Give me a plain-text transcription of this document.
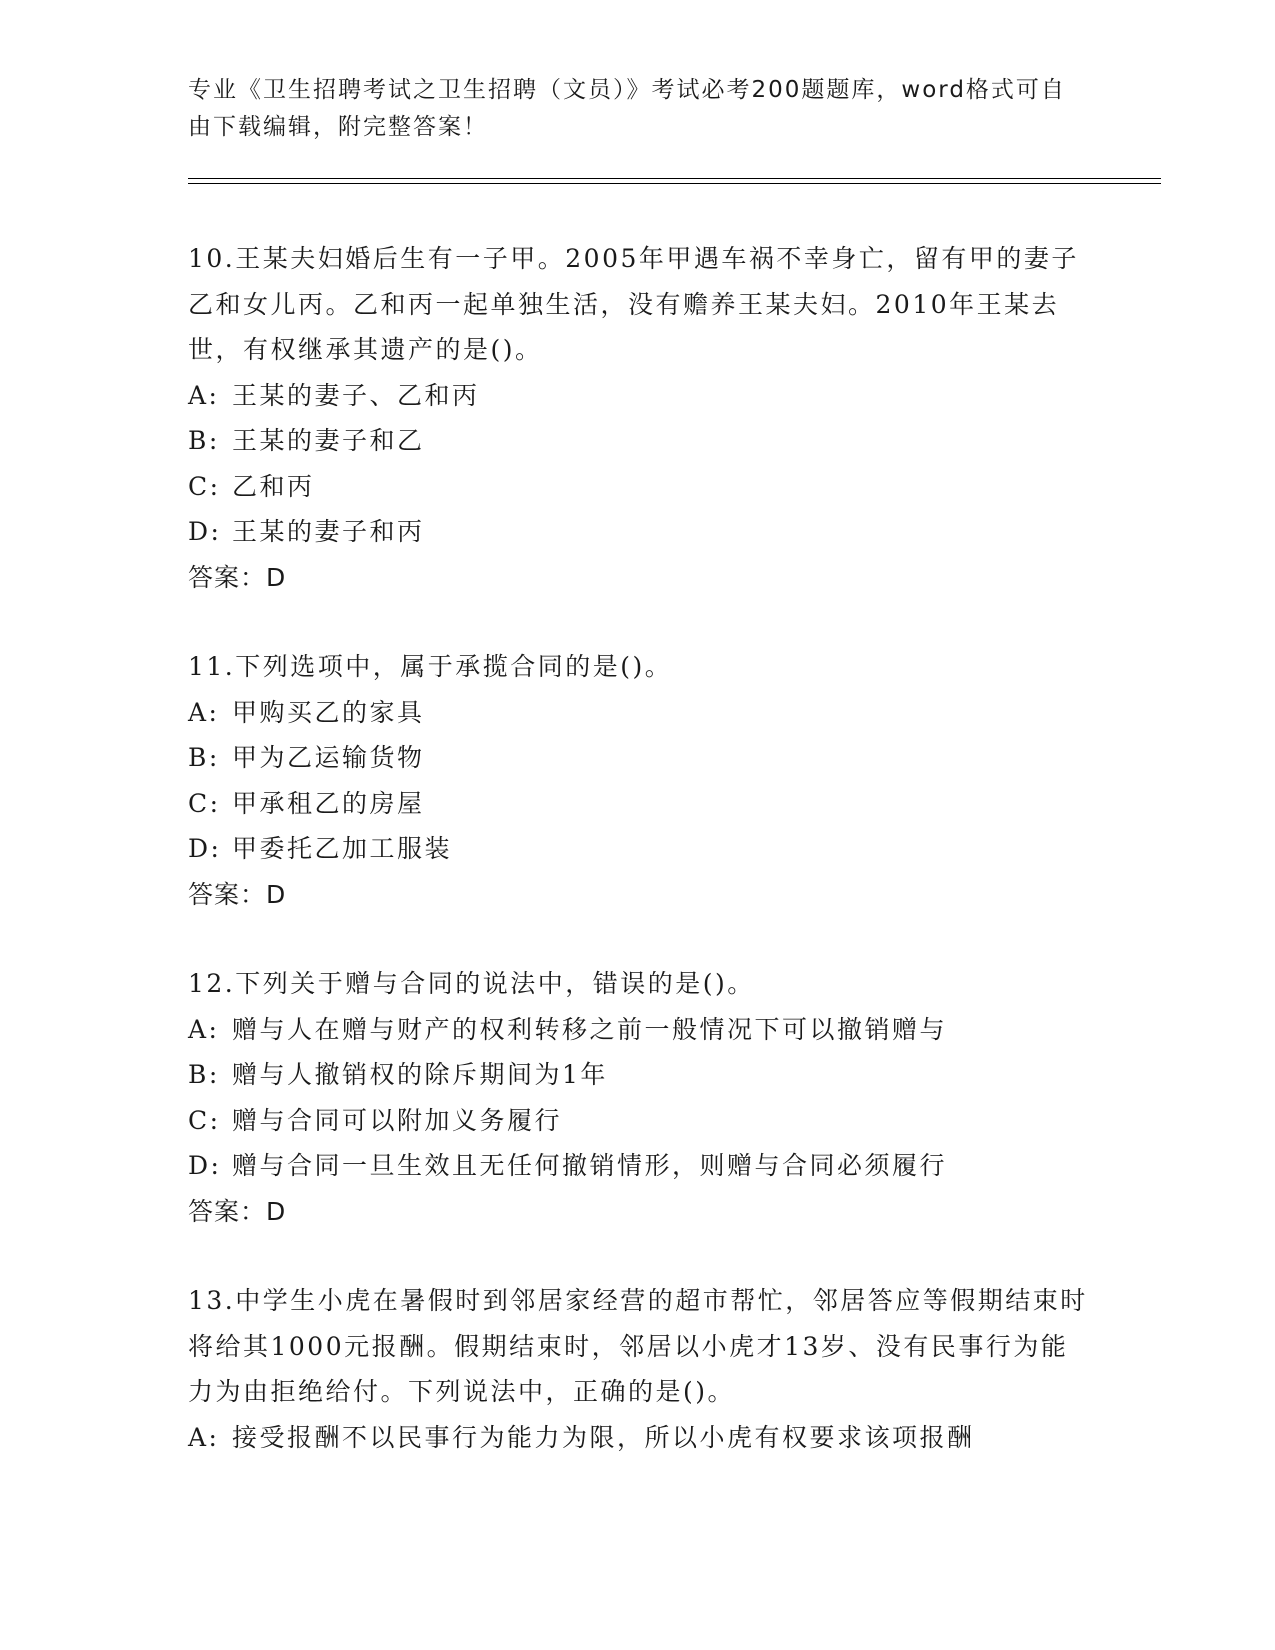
专业《卫生招聘考试之卫生招聘（文员）》考试必考200题题库，word格式可自由下载编辑，附完整答案！

10.王某夫妇婚后生有一子甲。2005年甲遇车祸不幸身亡，留有甲的妻子乙和女儿丙。乙和丙一起单独生活，没有赡养王某夫妇。2010年王某去世，有权继承其遗产的是()。

A: 王某的妻子、乙和丙
B: 王某的妻子和乙
C: 乙和丙
D: 王某的妻子和丙
答案：D

11.下列选项中，属于承揽合同的是()。

A: 甲购买乙的家具
B: 甲为乙运输货物
C: 甲承租乙的房屋
D: 甲委托乙加工服装
答案：D

12.下列关于赠与合同的说法中，错误的是()。

A: 赠与人在赠与财产的权利转移之前一般情况下可以撤销赠与
B: 赠与人撤销权的除斥期间为1年
C: 赠与合同可以附加义务履行
D: 赠与合同一旦生效且无任何撤销情形，则赠与合同必须履行
答案：D

13.中学生小虎在暑假时到邻居家经营的超市帮忙，邻居答应等假期结束时将给其1000元报酬。假期结束时，邻居以小虎才13岁、没有民事行为能力为由拒绝给付。下列说法中，正确的是()。

A: 接受报酬不以民事行为能力为限，所以小虎有权要求该项报酬
